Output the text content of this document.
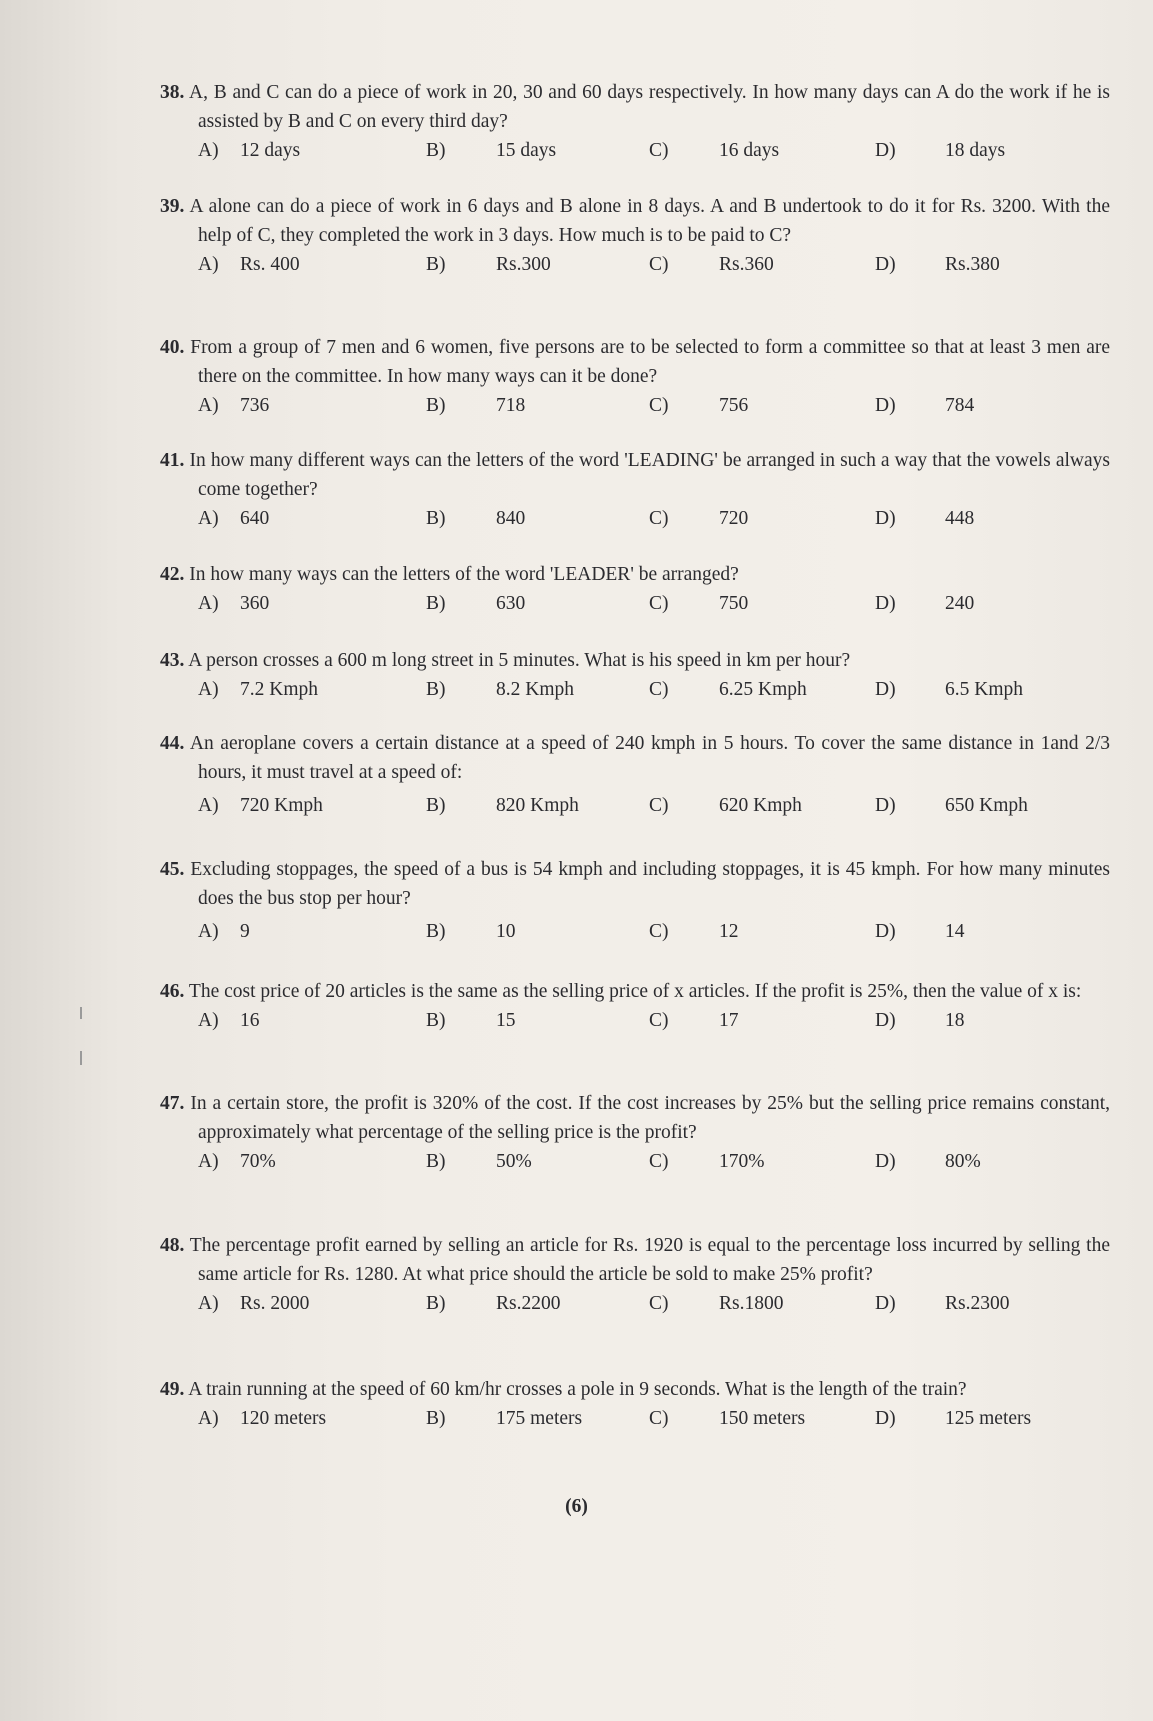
38. A, B and C can do a piece of work in 20, 30 and 60 days respectively. In how many days can A do the work if he is assisted by B and C on every third day?

A)	12 days	B)	15 days	C)	16 days	D)	18 days

39. A alone can do a piece of work in 6 days and B alone in 8 days. A and B undertook to do it for Rs. 3200. With the help of C, they completed the work in 3 days. How much is to be paid to C?

A)	Rs. 400	B)	Rs.300	C)	Rs.360	D)	Rs.380

40. From a group of 7 men and 6 women, five persons are to be selected to form a committee so that at least 3 men are there on the committee. In how many ways can it be done?

A)	736	B)	718	C)	756	D)	784

41. In how many different ways can the letters of the word 'LEADING' be arranged in such a way that the vowels always come together?

A)	640	B)	840	C)	720	D)	448

42. In how many ways can the letters of the word 'LEADER' be arranged?

A)	360	B)	630	C)	750	D)	240

43. A person crosses a 600 m long street in 5 minutes. What is his speed in km per hour?

A)	7.2 Kmph	B)	8.2 Kmph	C)	6.25 Kmph	D)	6.5 Kmph

44. An aeroplane covers a certain distance at a speed of 240 kmph in 5 hours. To cover the same distance in 1and 2/3 hours, it must travel at a speed of:

A)	720 Kmph	B)	820 Kmph	C)	620 Kmph	D)	650 Kmph

45. Excluding stoppages, the speed of a bus is 54 kmph and including stoppages, it is 45 kmph. For how many minutes does the bus stop per hour?

A)	9	B)	10	C)	12	D)	14

46. The cost price of 20 articles is the same as the selling price of x articles. If the profit is 25%, then the value of x is:

A)	16	B)	15	C)	17	D)	18

47. In a certain store, the profit is 320% of the cost. If the cost increases by 25% but the selling price remains constant, approximately what percentage of the selling price is the profit?

A)	70%	B)	50%	C)	170%	D)	80%

48. The percentage profit earned by selling an article for Rs. 1920 is equal to the percentage loss incurred by selling the same article for Rs. 1280. At what price should the article be sold to make 25% profit?

A)	Rs. 2000	B)	Rs.2200	C)	Rs.1800	D)	Rs.2300

49. A train running at the speed of 60 km/hr crosses a pole in 9 seconds. What is the length of the train?

A)	120 meters	B)	175 meters	C)	150 meters	D)	125 meters
(6)
